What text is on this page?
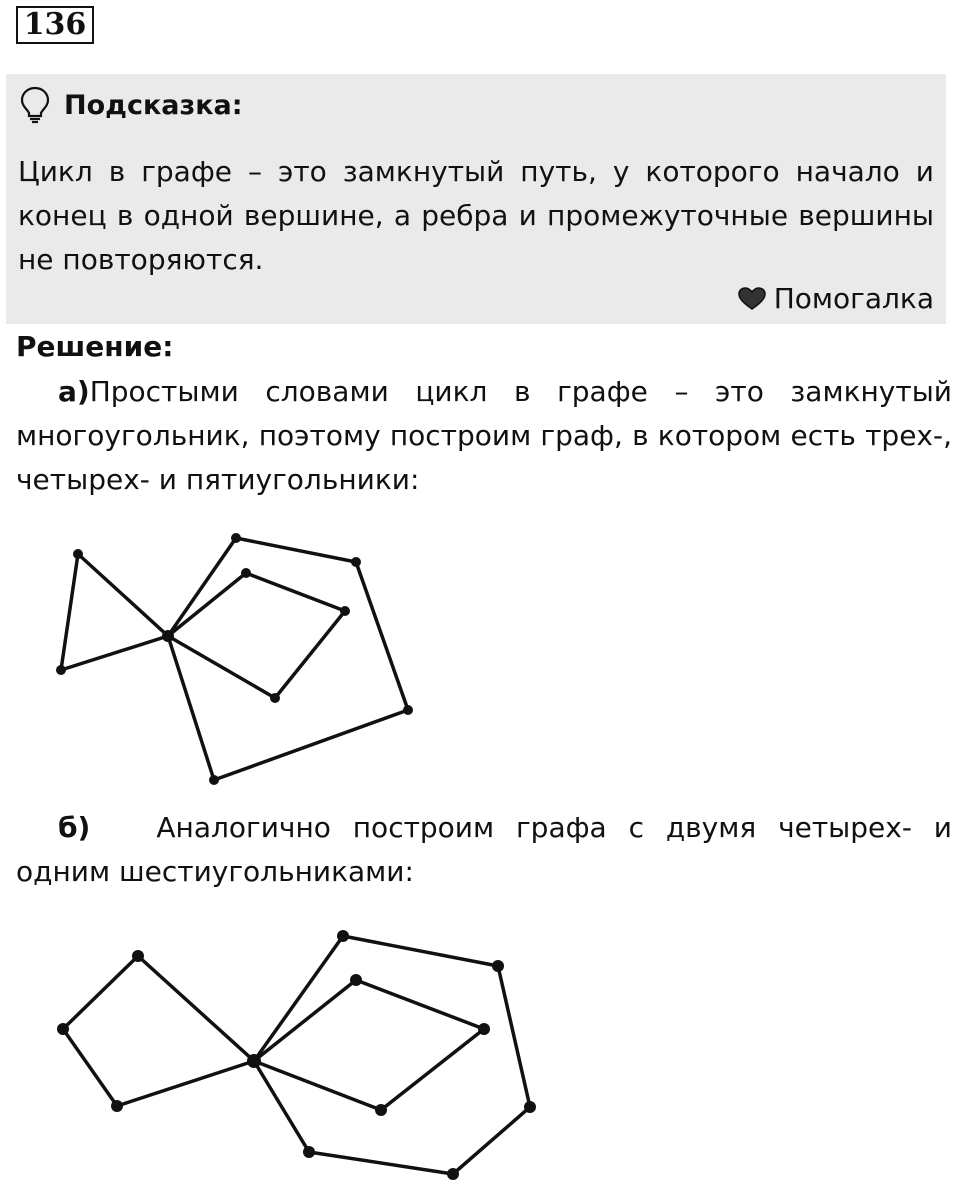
136
Подсказка:
Цикл в графе – это замкнутый путь, у которого начало и конец в одной вершине, а ребра и промежуточные вершины не повторяются.
Помогалка
Решение:
а)Простыми словами цикл в графе – это замкнутый многоугольник, поэтому построим граф, в котором есть трех-, четырех- и пятиугольники:
б) Аналогично построим графа с двумя четырех- и одним шестиугольниками:
